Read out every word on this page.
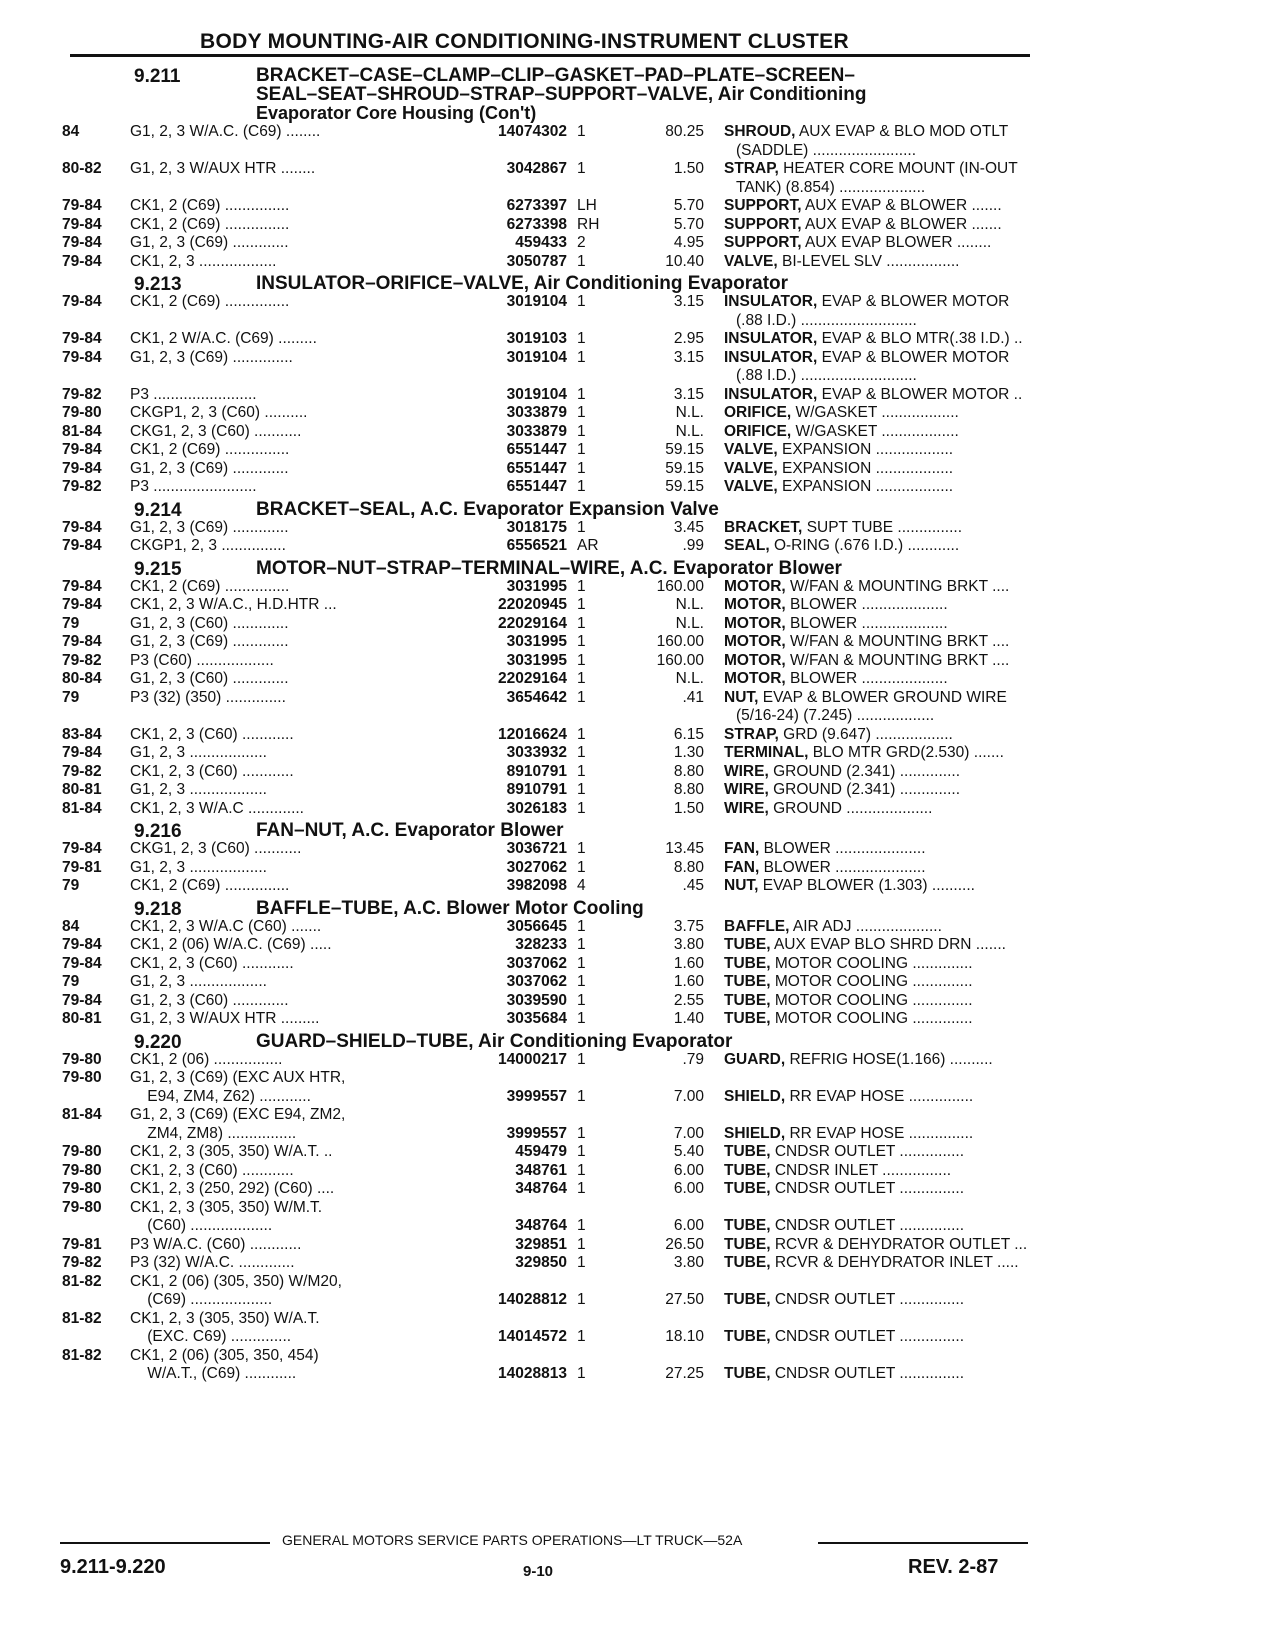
BODY MOUNTING-AIR CONDITIONING-INSTRUMENT CLUSTER
9.211	BRACKET–CASE–CLAMP–CLIP–GASKET–PAD–PLATE–SCREEN–
SEAL–SEAT–SHROUD–STRAP–SUPPORT–VALVE, Air Conditioning
Evaporator Core Housing (Con't)
84	G1, 2, 3 W/A.C. (C69) ........	14074302 1	80.25 SHROUD, AUX EVAP & BLO MOD OTLT
(SADDLE) ........................
80-82 G1, 2, 3 W/AUX HTR ........	3042867 1	1.50 STRAP, HEATER CORE MOUNT (IN-OUT
TANK) (8.854) ....................
79-84 CK1, 2 (C69) ...............	6273397 LH	5.70 SUPPORT, AUX EVAP & BLOWER .......
79-84 CK1, 2 (C69) ...............	6273398 RH	5.70 SUPPORT, AUX EVAP & BLOWER .......
79-84 G1, 2, 3 (C69) .............	459433 2	4.95 SUPPORT, AUX EVAP BLOWER ........
79-84 CK1, 2, 3 ..................	3050787 1	10.40 VALVE, BI-LEVEL SLV .................
9.213	INSULATOR–ORIFICE–VALVE, Air Conditioning Evaporator
79-84 CK1, 2 (C69) ...............	3019104 1	3.15 INSULATOR, EVAP & BLOWER MOTOR
(.88 I.D.) ...........................
79-84 CK1, 2 W/A.C. (C69) .........	3019103 1	2.95 INSULATOR, EVAP & BLO MTR(.38 I.D.) ..
79-84 G1, 2, 3 (C69) ..............	3019104 1	3.15 INSULATOR, EVAP & BLOWER MOTOR
(.88 I.D.) ...........................
79-82 P3 ........................	3019104 1	3.15 INSULATOR, EVAP & BLOWER MOTOR ..
79-80 CKGP1, 2, 3 (C60) ..........	3033879 1	N.L. ORIFICE, W/GASKET ..................
81-84 CKG1, 2, 3 (C60) ...........	3033879 1	N.L. ORIFICE, W/GASKET ..................
79-84 CK1, 2 (C69) ...............	6551447 1	59.15 VALVE, EXPANSION ..................
79-84 G1, 2, 3 (C69) .............	6551447 1	59.15 VALVE, EXPANSION ..................
79-82 P3 ........................	6551447 1	59.15 VALVE, EXPANSION ..................
9.214	BRACKET–SEAL, A.C. Evaporator Expansion Valve
79-84 G1, 2, 3 (C69) .............	3018175 1	3.45 BRACKET, SUPT TUBE ...............
79-84 CKGP1, 2, 3 ...............	6556521 AR	.99 SEAL, O-RING (.676 I.D.) ............
9.215	MOTOR–NUT–STRAP–TERMINAL–WIRE, A.C. Evaporator Blower
79-84 CK1, 2 (C69) ...............	3031995 1	160.00 MOTOR, W/FAN & MOUNTING BRKT ....
79-84 CK1, 2, 3 W/A.C., H.D.HTR ...	22020945 1	N.L. MOTOR, BLOWER ....................
79	G1, 2, 3 (C60) .............	22029164 1	N.L. MOTOR, BLOWER ....................
79-84 G1, 2, 3 (C69) .............	3031995 1	160.00 MOTOR, W/FAN & MOUNTING BRKT ....
79-82 P3 (C60) ..................	3031995 1	160.00 MOTOR, W/FAN & MOUNTING BRKT ....
80-84 G1, 2, 3 (C60) .............	22029164 1	N.L. MOTOR, BLOWER ....................
79	P3 (32) (350) ..............	3654642 1	.41 NUT, EVAP & BLOWER GROUND WIRE
(5/16-24) (7.245) ..................
83-84 CK1, 2, 3 (C60) ............	12016624 1	6.15 STRAP, GRD (9.647) ..................
79-84 G1, 2, 3 ..................	3033932 1	1.30 TERMINAL, BLO MTR GRD(2.530) .......
79-82 CK1, 2, 3 (C60) ............	8910791 1	8.80 WIRE, GROUND (2.341) ..............
80-81 G1, 2, 3 ..................	8910791 1	8.80 WIRE, GROUND (2.341) ..............
81-84 CK1, 2, 3 W/A.C .............	3026183 1	1.50 WIRE, GROUND ....................
9.216	FAN–NUT, A.C. Evaporator Blower
79-84 CKG1, 2, 3 (C60) ...........	3036721 1	13.45 FAN, BLOWER .....................
79-81 G1, 2, 3 ..................	3027062 1	8.80 FAN, BLOWER .....................
79	CK1, 2 (C69) ...............	3982098 4	.45 NUT, EVAP BLOWER (1.303) ..........
9.218	BAFFLE–TUBE, A.C. Blower Motor Cooling
84	CK1, 2, 3 W/A.C (C60) .......	3056645 1	3.75 BAFFLE, AIR ADJ ....................
79-84 CK1, 2 (06) W/A.C. (C69) .....	328233 1	3.80 TUBE, AUX EVAP BLO SHRD DRN .......
79-84 CK1, 2, 3 (C60) ............	3037062 1	1.60 TUBE, MOTOR COOLING ..............
79	G1, 2, 3 ..................	3037062 1	1.60 TUBE, MOTOR COOLING ..............
79-84 G1, 2, 3 (C60) .............	3039590 1	2.55 TUBE, MOTOR COOLING ..............
80-81 G1, 2, 3 W/AUX HTR .........	3035684 1	1.40 TUBE, MOTOR COOLING ..............
9.220	GUARD–SHIELD–TUBE, Air Conditioning Evaporator
79-80 CK1, 2 (06) ................	14000217 1	.79 GUARD, REFRIG HOSE(1.166) ..........
79-80 G1, 2, 3 (C69) (EXC AUX HTR,
E94, ZM4, Z62) ............	3999557 1	7.00 SHIELD, RR EVAP HOSE ...............
81-84 G1, 2, 3 (C69) (EXC E94, ZM2,
ZM4, ZM8) ................	3999557 1	7.00 SHIELD, RR EVAP HOSE ...............
79-80 CK1, 2, 3 (305, 350) W/A.T. ..	459479 1	5.40 TUBE, CNDSR OUTLET ...............
79-80 CK1, 2, 3 (C60) ............	348761 1	6.00 TUBE, CNDSR INLET ................
79-80 CK1, 2, 3 (250, 292) (C60) ....	348764 1	6.00 TUBE, CNDSR OUTLET ...............
79-80 CK1, 2, 3 (305, 350) W/M.T.
(C60) ...................	348764 1	6.00 TUBE, CNDSR OUTLET ...............
79-81 P3 W/A.C. (C60) ............	329851 1	26.50 TUBE, RCVR & DEHYDRATOR OUTLET ...
79-82 P3 (32) W/A.C. .............	329850 1	3.80 TUBE, RCVR & DEHYDRATOR INLET .....
81-82 CK1, 2 (06) (305, 350) W/M20,
(C69) ...................	14028812 1	27.50 TUBE, CNDSR OUTLET ...............
81-82 CK1, 2, 3 (305, 350) W/A.T.
(EXC. C69) ..............	14014572 1	18.10 TUBE, CNDSR OUTLET ...............
81-82 CK1, 2 (06) (305, 350, 454)
W/A.T., (C69) ............	14028813 1	27.25 TUBE, CNDSR OUTLET ...............
GENERAL MOTORS SERVICE PARTS OPERATIONS—LT TRUCK—52A
9.211-9.220	9-10	REV. 2-87
